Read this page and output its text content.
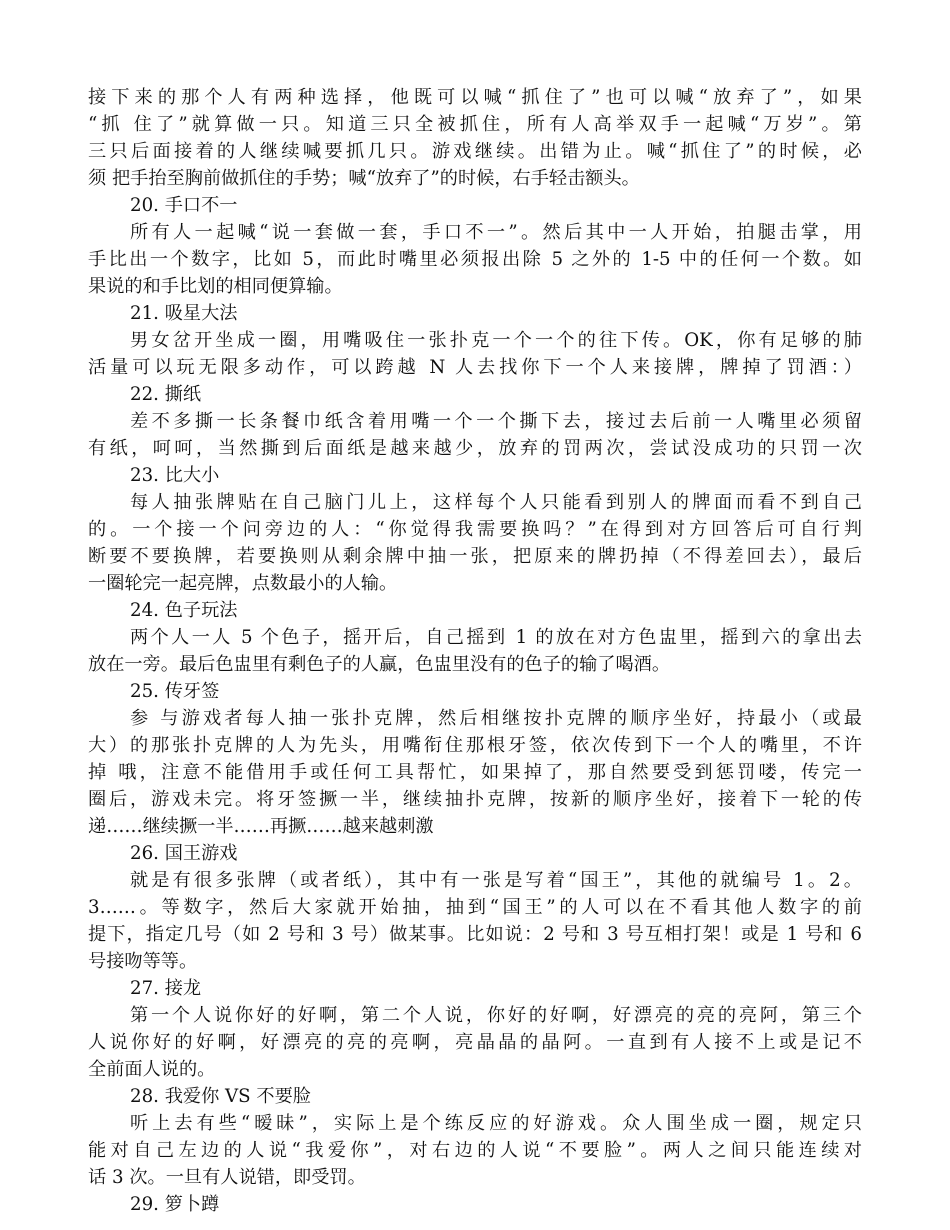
接下来的那个人有两种选择，他既可以喊“抓住了”也可以喊“放弃了”，如果
“抓 住了”就算做一只。知道三只全被抓住，所有人高举双手一起喊“万岁”。第
三只后面接着的人继续喊要抓几只。游戏继续。出错为止。喊“抓住了”的时候，必
须 把手抬至胸前做抓住的手势；喊“放弃了”的时候，右手轻击额头。
20. 手口不一
所有人一起喊“说一套做一套，手口不一”。然后其中一人开始，拍腿击掌，用
手比出一个数字，比如 5，而此时嘴里必须报出除 5 之外的 1-5 中的任何一个数。如
果说的和手比划的相同便算输。
21. 吸星大法
男女岔开坐成一圈，用嘴吸住一张扑克一个一个的往下传。OK，你有足够的肺
活量可以玩无限多动作，可以跨越 N 人去找你下一个人来接牌，牌掉了罚酒：）
22. 撕纸
差不多撕一长条餐巾纸含着用嘴一个一个撕下去，接过去后前一人嘴里必须留
有纸，呵呵，当然撕到后面纸是越来越少，放弃的罚两次，尝试没成功的只罚一次
23. 比大小
每人抽张牌贴在自己脑门儿上，这样每个人只能看到别人的牌面而看不到自己
的。一个接一个问旁边的人：“你觉得我需要换吗？”在得到对方回答后可自行判
断要不要换牌，若要换则从剩余牌中抽一张，把原来的牌扔掉（不得差回去），最后
一圈轮完一起亮牌，点数最小的人输。
24. 色子玩法
两个人一人 5 个色子，摇开后，自己摇到 1 的放在对方色盅里，摇到六的拿出去
放在一旁。最后色盅里有剩色子的人赢，色盅里没有的色子的输了喝酒。
25. 传牙签
参 与游戏者每人抽一张扑克牌，然后相继按扑克牌的顺序坐好，持最小（或最
大）的那张扑克牌的人为先头，用嘴衔住那根牙签，依次传到下一个人的嘴里，不许
掉 哦，注意不能借用手或任何工具帮忙，如果掉了，那自然要受到惩罚喽，传完一
圈后，游戏未完。将牙签撅一半，继续抽扑克牌，按新的顺序坐好，接着下一轮的传
递……继续撅一半……再撅……越来越刺激
26. 国王游戏
就是有很多张牌（或者纸），其中有一张是写着“国王”，其他的就编号 1。2。
3……。等数字，然后大家就开始抽，抽到“国王”的人可以在不看其他人数字的前
提下，指定几号（如 2 号和 3 号）做某事。比如说：2 号和 3 号互相打架！或是 1 号和 6
号接吻等等。
27. 接龙
第一个人说你好的好啊，第二个人说，你好的好啊，好漂亮的亮的亮阿，第三个
人说你好的好啊，好漂亮的亮的亮啊，亮晶晶的晶阿。一直到有人接不上或是记不
全前面人说的。
28. 我爱你 VS 不要脸
听上去有些“暧昧”，实际上是个练反应的好游戏。众人围坐成一圈，规定只
能对自己左边的人说“我爱你”，对右边的人说“不要脸”。两人之间只能连续对
话 3 次。一旦有人说错，即受罚。
29. 箩卜蹲
